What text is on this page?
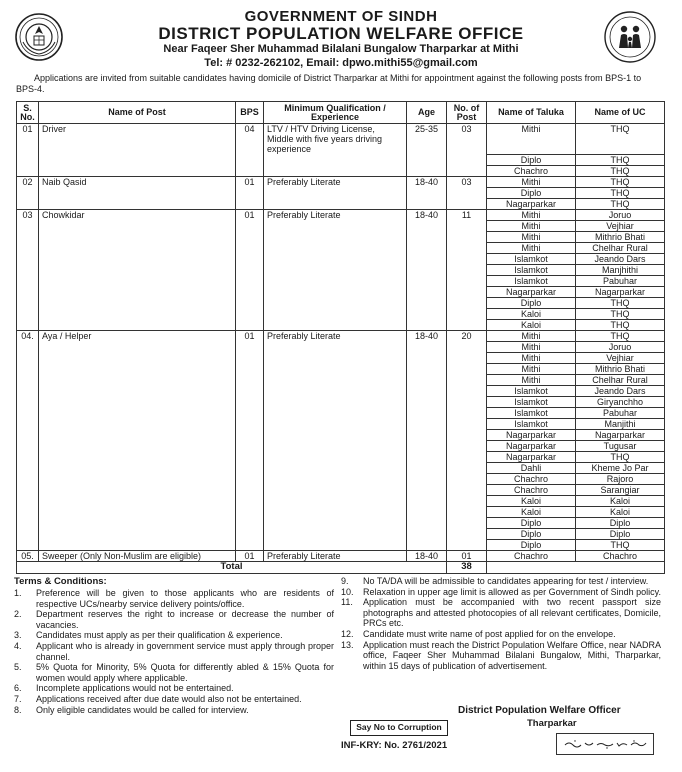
GOVERNMENT OF SINDH
DISTRICT POPULATION WELFARE OFFICE
Near Faqeer Sher Muhammad Bilalani Bungalow Tharparkar at Mithi
Tel: # 0232-262102, Email: dpwo.mithi55@gmail.com

Applications are invited from suitable candidates having domicile of District Tharparkar at Mithi for appointment against the following posts from BPS-1 to BPS-4.

S. No.	Name of Post	BPS	Minimum Qualification / Experience	Age	No. of Post	Name of Taluka	Name of UC
01	Driver	04	LTV / HTV Driving License, Middle with five years driving experience	25-35	03	Mithi	THQ
						Diplo	THQ
						Chachro	THQ
02	Naib Qasid	01	Preferably Literate	18-40	03	Mithi	THQ
						Diplo	THQ
						Nagarparkar	THQ
03	Chowkidar	01	Preferably Literate	18-40	11	Mithi	Joruo
						Mithi	Vejhiar
						Mithi	Mithrio Bhati
						Mithi	Chelhar Rural
						Islamkot	Jeando Dars
						Islamkot	Manjhithi
						Islamkot	Pabuhar
						Nagarparkar	Nagarparkar
						Diplo	THQ
						Kaloi	THQ
						Kaloi	THQ
04.	Aya / Helper	01	Preferably Literate	18-40	20	Mithi	THQ
						Mithi	Joruo
						Mithi	Vejhiar
						Mithi	Mithrio Bhati
						Mithi	Chelhar Rural
						Islamkot	Jeando Dars
						Islamkot	Giryanchho
						Islamkot	Pabuhar
						Islamkot	Manjithi
						Nagarparkar	Nagarparkar
						Nagarparkar	Tugusar
						Nagarparkar	THQ
						Dahli	Kheme Jo Par
						Chachro	Rajoro
						Chachro	Sarangiar
						Kaloi	Kaloi
						Kaloi	Kaloi
						Diplo	Diplo
						Diplo	Diplo
						Diplo	THQ
05.	Sweeper (Only Non-Muslim are eligible)	01	Preferably Literate	18-40	01	Chachro	Chachro
Total					38		
Terms & Conditions:
1.	Preference will be given to those applicants who are residents of respective UCs/nearby service delivery points/office.
2.	Department reserves the right to increase or decrease the number of vacancies.
3.	Candidates must apply as per their qualification & experience.
4.	Applicant who is already in government service must apply through proper channel.
5.	5% Quota for Minority, 5% Quota for differently abled & 15% Quota for women would apply where applicable.
6.	Incomplete applications would not be entertained.
7.	Applications received after due date would also not be entertained.
8.	Only eligible candidates would be called for interview.
9.	No TA/DA will be admissible to candidates appearing for test / interview.
10.	Relaxation in upper age limit is allowed as per Government of Sindh policy.
11.	Application must be accompanied with two recent passport size photographs and attested photocopies of all relevant certificates, Domicile, PRCs etc.
12.	Candidate must write name of post applied for on the envelope.
13.	Application must reach the District Population Welfare Office, near NADRA office, Faqeer Sher Muhammad Bilalani Bungalow, Mithi, Tharparkar, within 15 days of publication of advertisement.
District Population Welfare Officer
Tharparkar
Say No to Corruption
INF-KRY: No. 2761/2021
